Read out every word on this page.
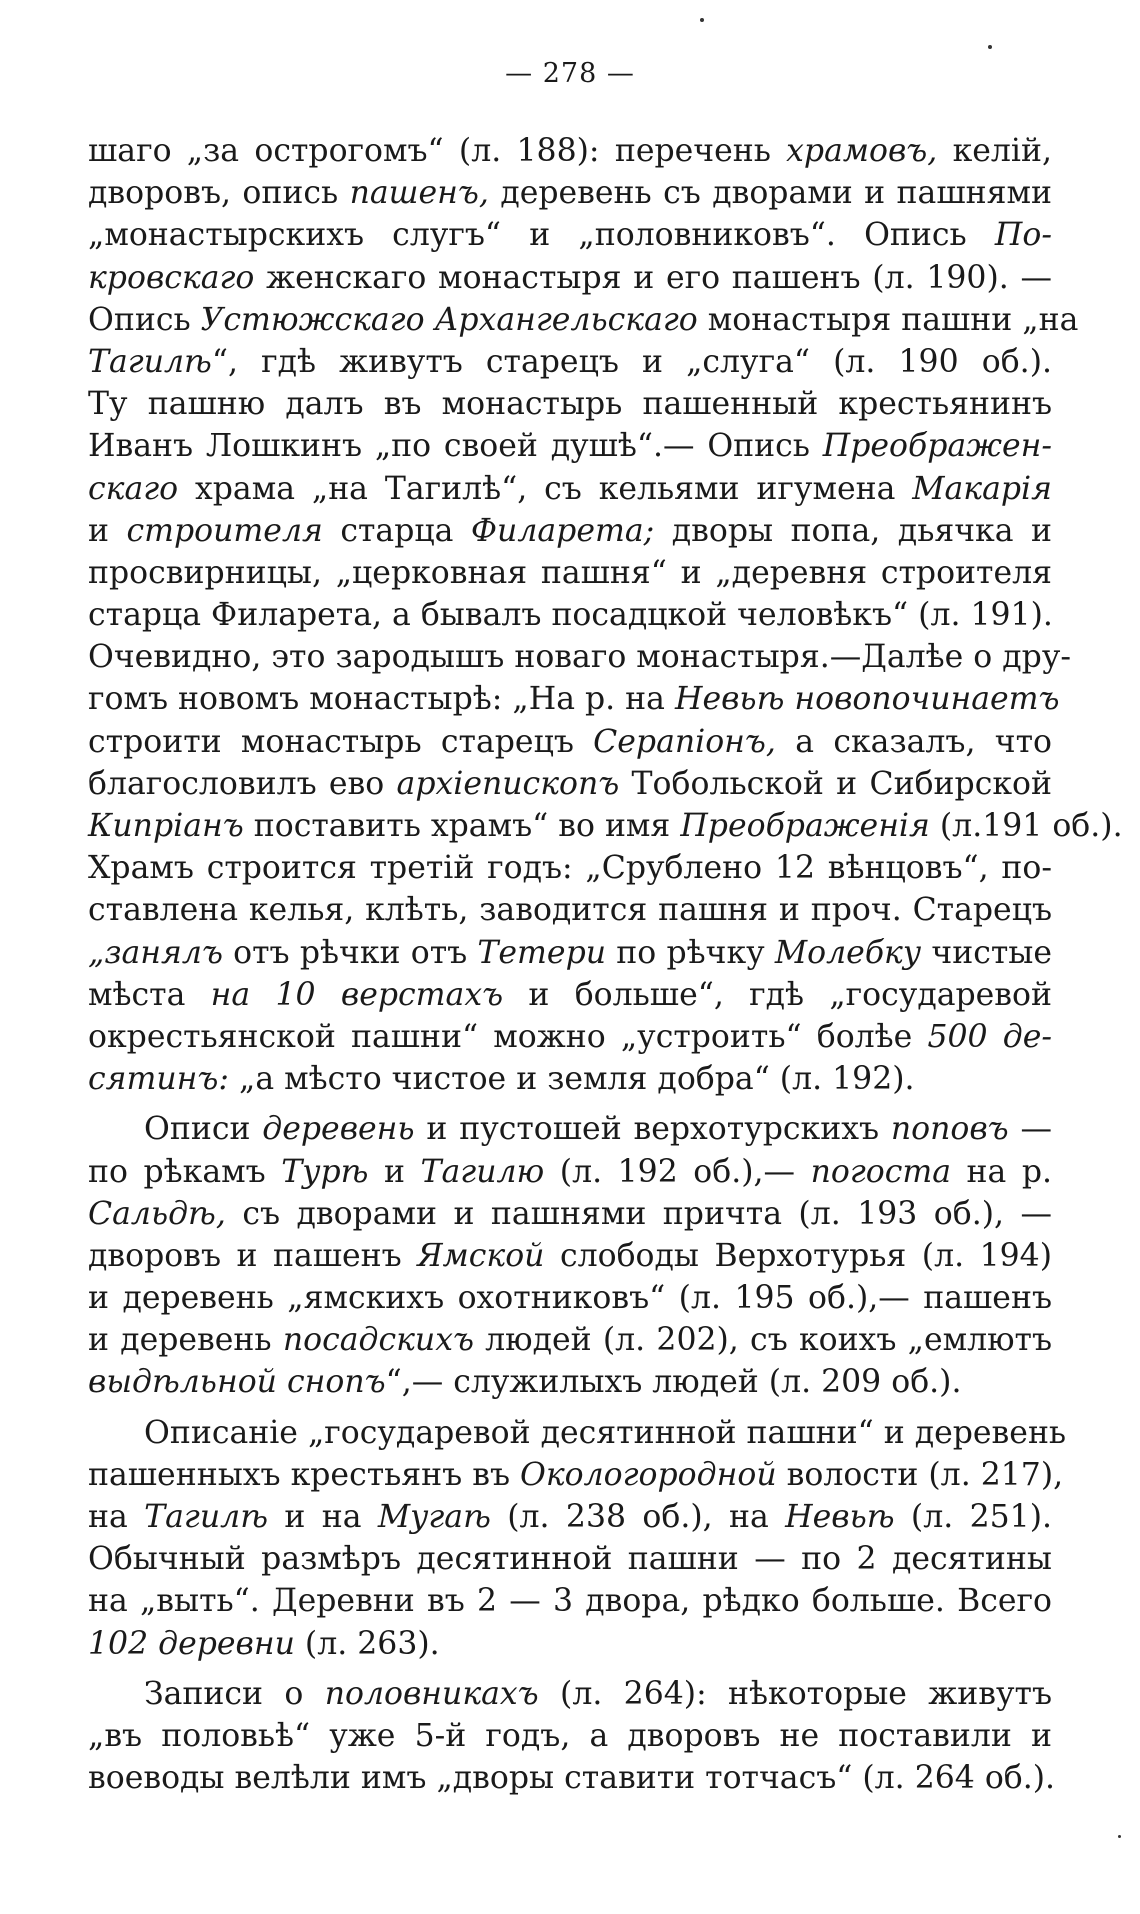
— 278 —
шаго „за острогомъ“ (л. 188): перечень храмовъ, келій,
дворовъ, опись пашенъ, деревень съ дворами и пашнями
„монастырскихъ слугъ“ и „половниковъ“. Опись По-
кровскаго женскаго монастыря и его пашенъ (л. 190). —
Опись Устюжскаго Архангельскаго монастыря пашни „на
Тагилѣ“, гдѣ живутъ старецъ и „слуга“ (л. 190 об.).
Ту пашню далъ въ монастырь пашенный крестьянинъ
Иванъ Лошкинъ „по своей душѣ“.— Опись Преображен-
скаго храма „на Тагилѣ“, съ кельями игумена Макарія
и строителя старца Филарета; дворы попа, дьячка и
просвирницы, „церковная пашня“ и „деревня строителя
старца Филарета, а бывалъ посадцкой человѣкъ“ (л. 191).
Очевидно, это зародышъ новаго монастыря.—Далѣе о дру-
гомъ новомъ монастырѣ: „На р. на Невьѣ новопочинаетъ
строити монастырь старецъ Серапіонъ, а сказалъ, что
благословилъ ево архіепископъ Тобольской и Сибирской
Кипріанъ поставить храмъ“ во имя Преображенія (л.191 об.).
Храмъ строится третій годъ: „Срублено 12 вѣнцовъ“, по-
ставлена келья, клѣть, заводится пашня и проч. Старецъ
„занялъ отъ рѣчки отъ Тетери по рѣчку Молебку чистые
мѣста на 10 верстахъ и больше“, гдѣ „государевой
окрестьянской пашни“ можно „устроить“ болѣе 500 де-
сятинъ: „а мѣсто чистое и земля добра“ (л. 192).
Описи деревень и пустошей верхотурскихъ поповъ —
по рѣкамъ Турѣ и Тагилю (л. 192 об.),— погоста на р.
Сальдѣ, съ дворами и пашнями причта (л. 193 об.), —
дворовъ и пашенъ Ямской слободы Верхотурья (л. 194)
и деревень „ямскихъ охотниковъ“ (л. 195 об.),— пашенъ
и деревень посадскихъ людей (л. 202), съ коихъ „емлютъ
выдѣльной снопъ“,— служилыхъ людей (л. 209 об.).
Описаніе „государевой десятинной пашни“ и деревень
пашенныхъ крестьянъ въ Окологородной волости (л. 217),
на Тагилѣ и на Мугаѣ (л. 238 об.), на Невьѣ (л. 251).
Обычный размѣръ десятинной пашни — по 2 десятины
на „выть“. Деревни въ 2 — 3 двора, рѣдко больше. Всего
102 деревни (л. 263).
Записи о половникахъ (л. 264): нѣкоторые живутъ
„въ половьѣ“ уже 5-й годъ, а дворовъ не поставили и
воеводы велѣли имъ „дворы ставити тотчасъ“ (л. 264 об.).
